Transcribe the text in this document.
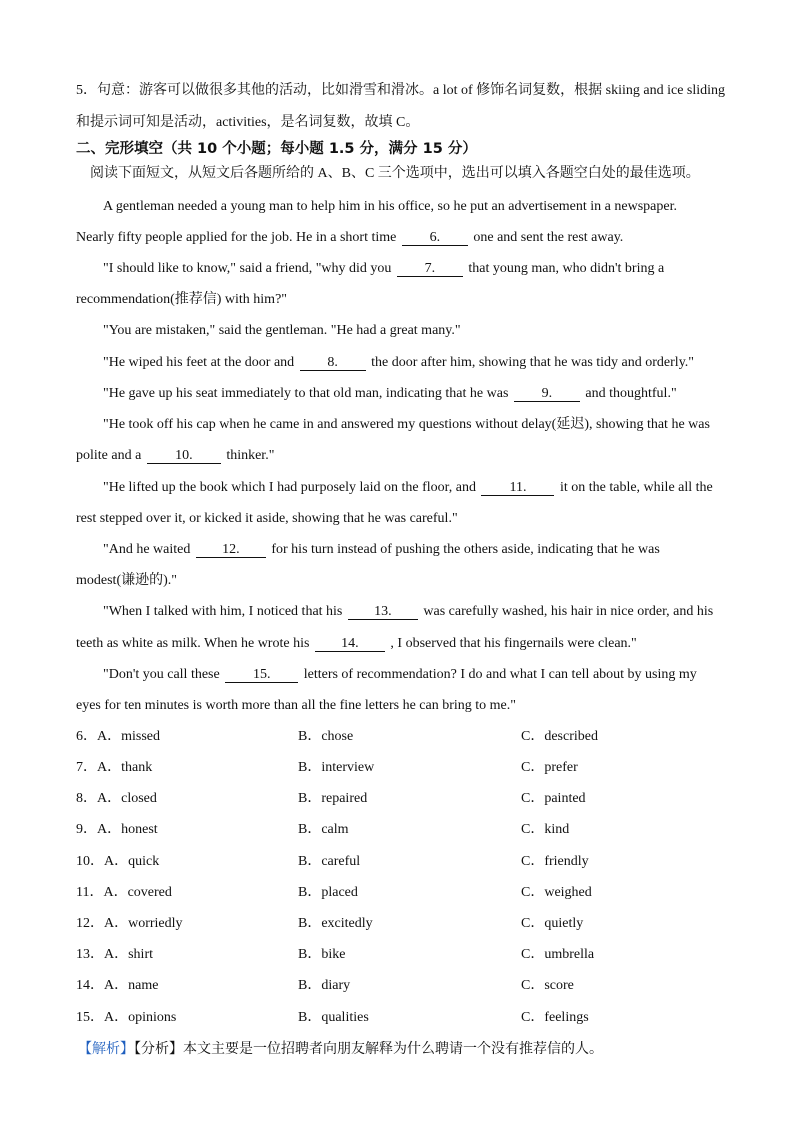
5．句意：游客可以做很多其他的活动，比如滑雪和滑冰。a lot of 修饰名词复数，根据 skiing and ice sliding
和提示词可知是活动，activities，是名词复数，故填 C。
二、完形填空（共 10 个小题；每小题 1.5 分，满分 15 分）
阅读下面短文，从短文后各题所给的 A、B、C 三个选项中，选出可以填入各题空白处的最佳选项。
A gentleman needed a young man to help him in his office, so he put an advertisement in a newspaper.
Nearly fifty people applied for the job. He in a short time 6. one and sent the rest away.
"I should like to know," said a friend, "why did you 7. that young man, who didn't bring a
recommendation(推荐信) with him?"
"You are mistaken," said the gentleman. "He had a great many."
"He wiped his feet at the door and 8. the door after him, showing that he was tidy and orderly."
"He gave up his seat immediately to that old man, indicating that he was 9. and thoughtful."
"He took off his cap when he came in and answered my questions without delay(延迟), showing that he was
polite and a 10. thinker."
"He lifted up the book which I had purposely laid on the floor, and 11. it on the table, while all the
rest stepped over it, or kicked it aside, showing that he was careful."
"And he waited 12. for his turn instead of pushing the others aside, indicating that he was
modest(谦逊的)."
"When I talked with him, I noticed that his 13. was carefully washed, his hair in nice order, and his
teeth as white as milk. When he wrote his 14. , I observed that his fingernails were clean."
"Don't you call these 15. letters of recommendation? I do and what I can tell about by using my
eyes for ten minutes is worth more than all the fine letters he can bring to me."
6．A．missed	B．chose	C．described
7．A．thank	B．interview	C．prefer
8．A．closed	B．repaired	C．painted
9．A．honest	B．calm	C．kind
10．A．quick	B．careful	C．friendly
11．A．covered	B．placed	C．weighed
12．A．worriedly	B．excitedly	C．quietly
13．A．shirt	B．bike	C．umbrella
14．A．name	B．diary	C．score
15．A．opinions	B．qualities	C．feelings
【解析】【分析】本文主要是一位招聘者向朋友解释为什么聘请一个没有推荐信的人。
